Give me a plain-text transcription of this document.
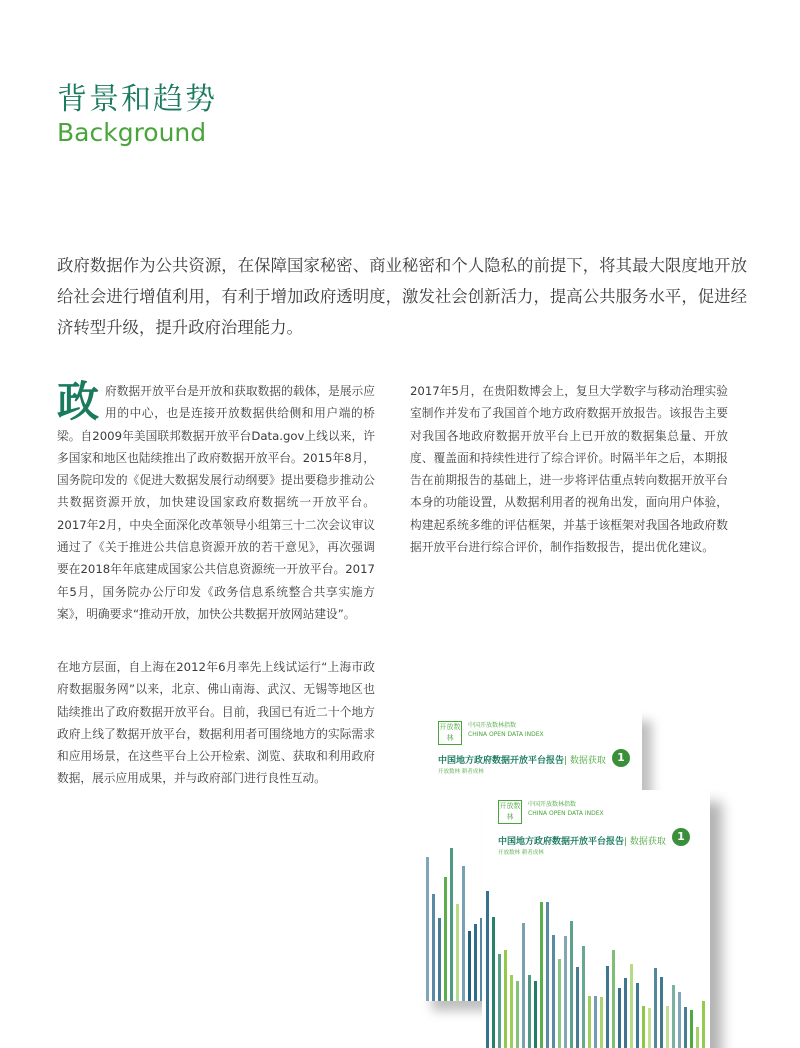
背景和趋势
Background

政府数据作为公共资源，在保障国家秘密、商业秘密和个人隐私的前提下，将其最大限度地开放给社会进行增值利用，有利于增加政府透明度，激发社会创新活力，提高公共服务水平，促进经济转型升级，提升政府治理能力。

政 府数据开放平台是开放和获取数据的载体，是展示应用的中心，也是连接开放数据供给侧和用户端的桥梁。自2009年美国联邦数据开放平台Data.gov上线以来，许多国家和地区也陆续推出了政府数据开放平台。2015年8月，国务院印发的《促进大数据发展行动纲要》提出要稳步推动公共数据资源开放，加快建设国家政府数据统一开放平台。2017年2月，中央全面深化改革领导小组第三十二次会议审议通过了《关于推进公共信息资源开放的若干意见》，再次强调要在2018年年底建成国家公共信息资源统一开放平台。2017年5月，国务院办公厅印发《政务信息系统整合共享实施方案》，明确要求“推动开放，加快公共数据开放网站建设”。

在地方层面，自上海在2012年6月率先上线试运行“上海市政府数据服务网”以来，北京、佛山南海、武汉、无锡等地区也陆续推出了政府数据开放平台。目前，我国已有近二十个地方政府上线了数据开放平台，数据利用者可围绕地方的实际需求和应用场景，在这些平台上公开检索、浏览、获取和利用政府数据，展示应用成果，并与政府部门进行良性互动。

2017年5月，在贵阳数博会上，复旦大学数字与移动治理实验室制作并发布了我国首个地方政府数据开放报告。该报告主要对我国各地政府数据开放平台上已开放的数据集总量、开放度、覆盖面和持续性进行了综合评价。时隔半年之后，本期报告在前期报告的基础上，进一步将评估重点转向数据开放平台本身的功能设置，从数据利用者的视角出发，面向用户体验，构建起系统多维的评估框架，并基于该框架对我国各地政府数据开放平台进行综合评价，制作指数报告，提出优化建议。

开放数林
中国开放数林指数
CHINA OPEN DATA INDEX
中国地方政府数据开放平台报告| 数据获取	1
开放数林 耕者成林
开放数林
中国开放数林指数
CHINA OPEN DATA INDEX
中国地方政府数据开放平台报告| 数据获取	1
开放数林 耕者成林
